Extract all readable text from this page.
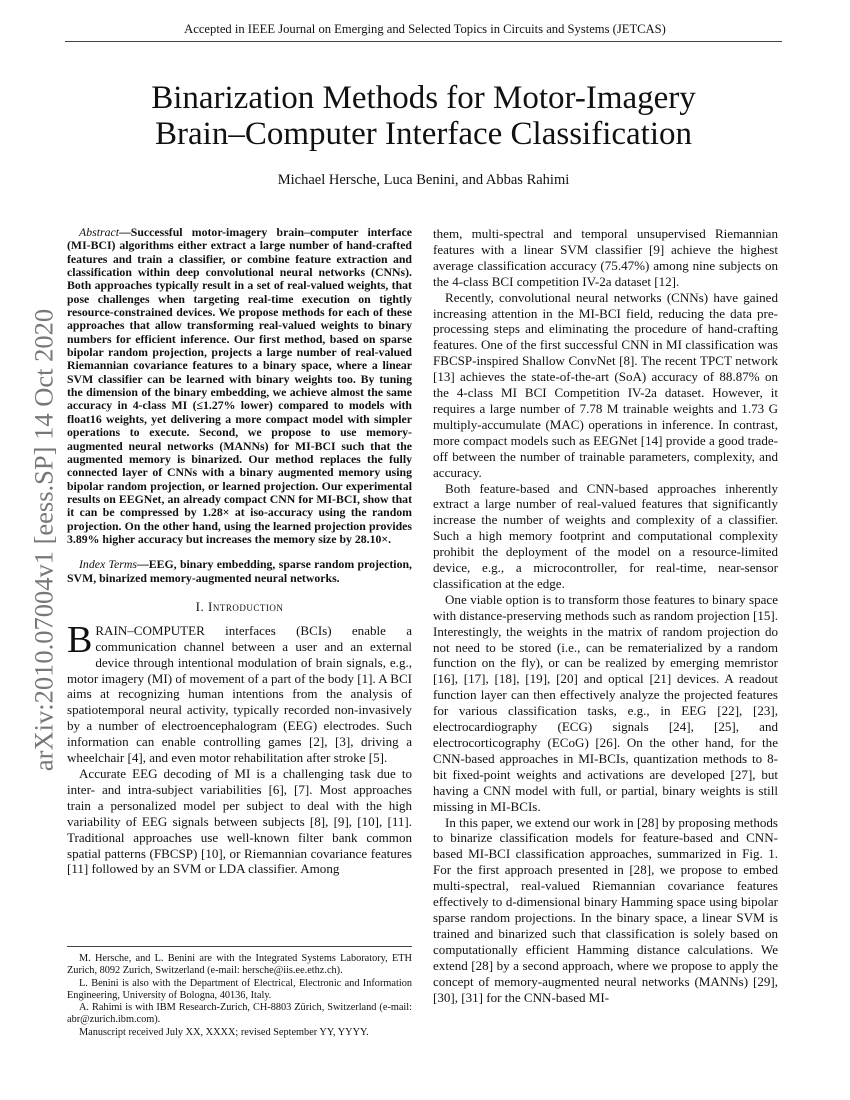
Accepted in IEEE Journal on Emerging and Selected Topics in Circuits and Systems (JETCAS)
arXiv:2010.07004v1 [eess.SP] 14 Oct 2020
Binarization Methods for Motor-Imagery
Brain–Computer Interface Classification
Michael Hersche, Luca Benini, and Abbas Rahimi

Abstract—Successful motor-imagery brain–computer interface (MI-BCI) algorithms either extract a large number of hand-crafted features and train a classifier, or combine feature extraction and classification within deep convolutional neural networks (CNNs). Both approaches typically result in a set of real-valued weights, that pose challenges when targeting real-time execution on tightly resource-constrained devices. We propose methods for each of these approaches that allow transforming real-valued weights to binary numbers for efficient inference. Our first method, based on sparse bipolar random projection, projects a large number of real-valued Riemannian covariance features to a binary space, where a linear SVM classifier can be learned with binary weights too. By tuning the dimension of the binary embedding, we achieve almost the same accuracy in 4-class MI (≤1.27% lower) compared to models with float16 weights, yet delivering a more compact model with simpler operations to execute. Second, we propose to use memory-augmented neural networks (MANNs) for MI-BCI such that the augmented memory is binarized. Our method replaces the fully connected layer of CNNs with a binary augmented memory using bipolar random projection, or learned projection. Our experimental results on EEGNet, an already compact CNN for MI-BCI, show that it can be compressed by 1.28× at iso-accuracy using the random projection. On the other hand, using the learned projection provides 3.89% higher accuracy but increases the memory size by 28.10×.

Index Terms—EEG, binary embedding, sparse random projection, SVM, binarized memory-augmented neural networks.

I. Introduction

BRAIN–COMPUTER interfaces (BCIs) enable a communication channel between a user and an external device through intentional modulation of brain signals, e.g., motor imagery (MI) of movement of a part of the body [1]. A BCI aims at recognizing human intentions from the analysis of spatiotemporal neural activity, typically recorded non-invasively by a number of electroencephalogram (EEG) electrodes. Such information can enable controlling games [2], [3], driving a wheelchair [4], and even motor rehabilitation after stroke [5].

Accurate EEG decoding of MI is a challenging task due to inter- and intra-subject variabilities [6], [7]. Most approaches train a personalized model per subject to deal with the high variability of EEG signals between subjects [8], [9], [10], [11]. Traditional approaches use well-known filter bank common spatial patterns (FBCSP) [10], or Riemannian covariance features [11] followed by an SVM or LDA classifier. Among

M. Hersche, and L. Benini are with the Integrated Systems Laboratory, ETH Zurich, 8092 Zurich, Switzerland (e-mail: hersche@iis.ee.ethz.ch).

L. Benini is also with the Department of Electrical, Electronic and Information Engineering, University of Bologna, 40136, Italy.

A. Rahimi is with IBM Research-Zurich, CH-8803 Zürich, Switzerland (e-mail: abr@zurich.ibm.com).

Manuscript received July XX, XXXX; revised September YY, YYYY.

them, multi-spectral and temporal unsupervised Riemannian features with a linear SVM classifier [9] achieve the highest average classification accuracy (75.47%) among nine subjects on the 4-class BCI competition IV-2a dataset [12].

Recently, convolutional neural networks (CNNs) have gained increasing attention in the MI-BCI field, reducing the data pre-processing steps and eliminating the procedure of hand-crafting features. One of the first successful CNN in MI classification was FBCSP-inspired Shallow ConvNet [8]. The recent TPCT network [13] achieves the state-of-the-art (SoA) accuracy of 88.87% on the 4-class MI BCI Competition IV-2a dataset. However, it requires a large number of 7.78 M trainable weights and 1.73 G multiply-accumulate (MAC) operations in inference. In contrast, more compact models such as EEGNet [14] provide a good trade-off between the number of trainable parameters, complexity, and accuracy.

Both feature-based and CNN-based approaches inherently extract a large number of real-valued features that significantly increase the number of weights and complexity of a classifier. Such a high memory footprint and computational complexity prohibit the deployment of the model on a resource-limited device, e.g., a microcontroller, for real-time, near-sensor classification at the edge.

One viable option is to transform those features to binary space with distance-preserving methods such as random projection [15]. Interestingly, the weights in the matrix of random projection do not need to be stored (i.e., can be rematerialized by a random function on the fly), or can be realized by emerging memristor [16], [17], [18], [19], [20] and optical [21] devices. A readout function layer can then effectively analyze the projected features for various classification tasks, e.g., in EEG [22], [23], electrocardiography (ECG) signals [24], [25], and electrocorticography (ECoG) [26]. On the other hand, for the CNN-based approaches in MI-BCIs, quantization methods to 8-bit fixed-point weights and activations are developed [27], but having a CNN model with full, or partial, binary weights is still missing in MI-BCIs.

In this paper, we extend our work in [28] by proposing methods to binarize classification models for feature-based and CNN-based MI-BCI classification approaches, summarized in Fig. 1. For the first approach presented in [28], we propose to embed multi-spectral, real-valued Riemannian covariance features effectively to d-dimensional binary Hamming space using bipolar sparse random projections. In the binary space, a linear SVM is trained and binarized such that classification is solely based on computationally efficient Hamming distance calculations. We extend [28] by a second approach, where we propose to apply the concept of memory-augmented neural networks (MANNs) [29], [30], [31] for the CNN-based MI-
